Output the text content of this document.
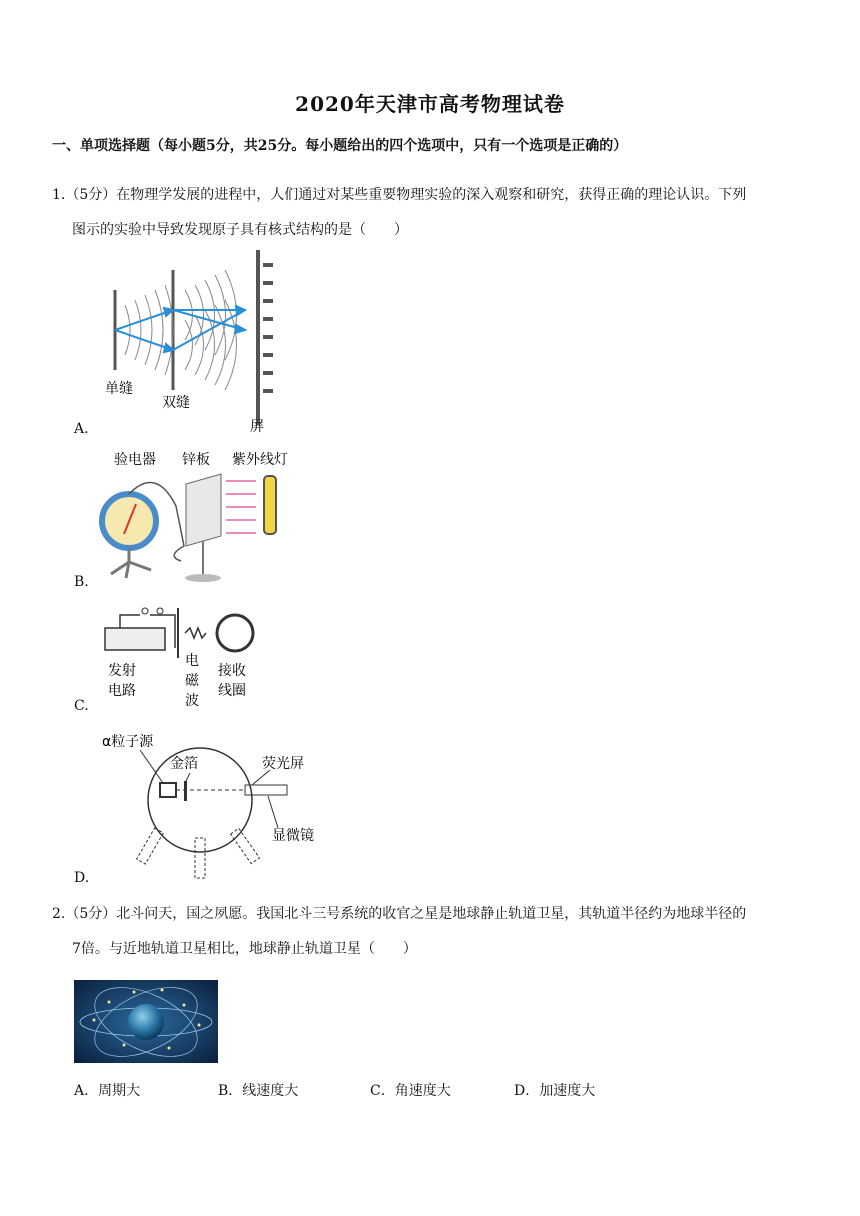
2020年天津市高考物理试卷
一、单项选择题（每小题5分，共25分。每小题给出的四个选项中，只有一个选项是正确的）
1.（5分）在物理学发展的进程中，人们通过对某些重要物理实验的深入观察和研究，获得正确的理论认识。下列
图示的实验中导致发现原子具有核式结构的是（　　）
单缝
双缝
屏
A.
验电器 锌板 紫外线灯
B.
发射
电路
电
磁
波
接收
线圈
C.
α粒子源
金箔	荧光屏
显微镜
D.
2.（5分）北斗问天，国之夙愿。我国北斗三号系统的收官之星是地球静止轨道卫星，其轨道半径约为地球半径的
7倍。与近地轨道卫星相比，地球静止轨道卫星（　　）
A．周期大	B．线速度大	C．角速度大	D．加速度大
